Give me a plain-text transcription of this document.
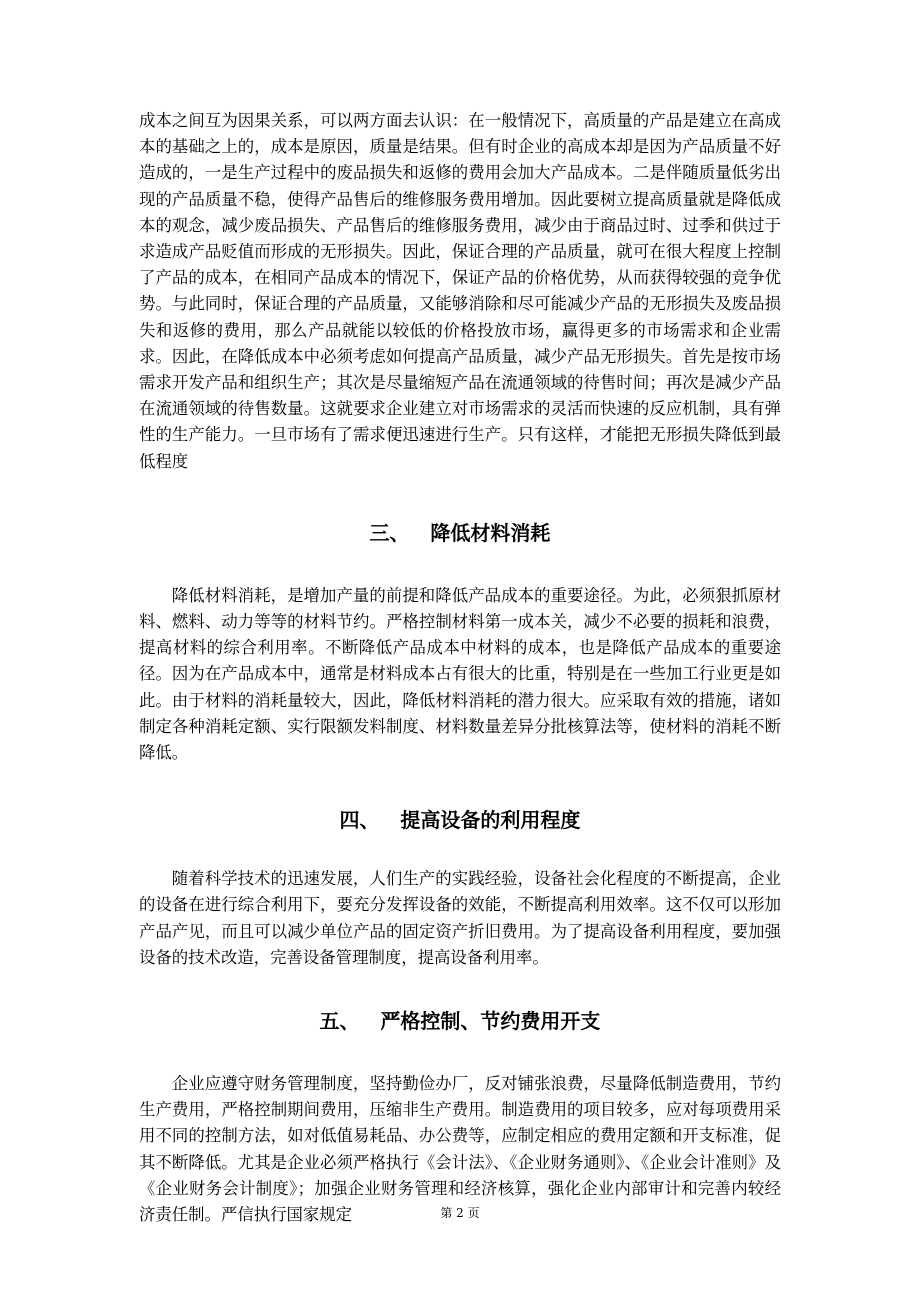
成本之间互为因果关系，可以两方面去认识：在一般情况下，高质量的产品是建立在高成本的基础之上的，成本是原因，质量是结果。但有时企业的高成本却是因为产品质量不好造成的，一是生产过程中的废品损失和返修的费用会加大产品成本。二是伴随质量低劣出现的产品质量不稳，使得产品售后的维修服务费用增加。因此要树立提高质量就是降低成本的观念，减少废品损失、产品售后的维修服务费用，减少由于商品过时、过季和供过于求造成产品贬值而形成的无形损失。因此，保证合理的产品质量，就可在很大程度上控制了产品的成本，在相同产品成本的情况下，保证产品的价格优势，从而获得较强的竞争优势。与此同时，保证合理的产品质量，又能够消除和尽可能减少产品的无形损失及废品损失和返修的费用，那么产品就能以较低的价格投放市场，赢得更多的市场需求和企业需求。因此，在降低成本中必须考虑如何提高产品质量，减少产品无形损失。首先是按市场需求开发产品和组织生产；其次是尽量缩短产品在流通领域的待售时间；再次是减少产品在流通领域的待售数量。这就要求企业建立对市场需求的灵活而快速的反应机制，具有弹性的生产能力。一旦市场有了需求便迅速进行生产。只有这样，才能把无形损失降低到最低程度

三、   降低材料消耗

降低材料消耗，是增加产量的前提和降低产品成本的重要途径。为此，必须狠抓原材料、燃料、动力等等的材料节约。严格控制材料第一成本关，减少不必要的损耗和浪费，提高材料的综合利用率。不断降低产品成本中材料的成本，也是降低产品成本的重要途径。因为在产品成本中，通常是材料成本占有很大的比重，特别是在一些加工行业更是如此。由于材料的消耗量较大，因此，降低材料消耗的潜力很大。应采取有效的措施，诸如制定各种消耗定额、实行限额发料制度、材料数量差异分批核算法等，使材料的消耗不断降低。

四、   提高设备的利用程度

随着科学技术的迅速发展，人们生产的实践经验，设备社会化程度的不断提高，企业的设备在进行综合利用下，要充分发挥设备的效能，不断提高利用效率。这不仅可以形加产品产见，而且可以减少单位产品的固定资产折旧费用。为了提高设备利用程度，要加强设备的技术改造，完善设备管理制度，提高设备利用率。

五、   严格控制、节约费用开支

企业应遵守财务管理制度，坚持勤俭办厂，反对铺张浪费，尽量降低制造费用，节约生产费用，严格控制期间费用，压缩非生产费用。制造费用的项目较多，应对每项费用采用不同的控制方法，如对低值易耗品、办公费等，应制定相应的费用定额和开支标准，促其不断降低。尤其是企业必须严格执行《会计法》、《企业财务通则》、《企业会计准则》及《企业财务会计制度》；加强企业财务管理和经济核算，强化企业内部审计和完善内较经济责任制。严信执行国家规定	第 2 页
